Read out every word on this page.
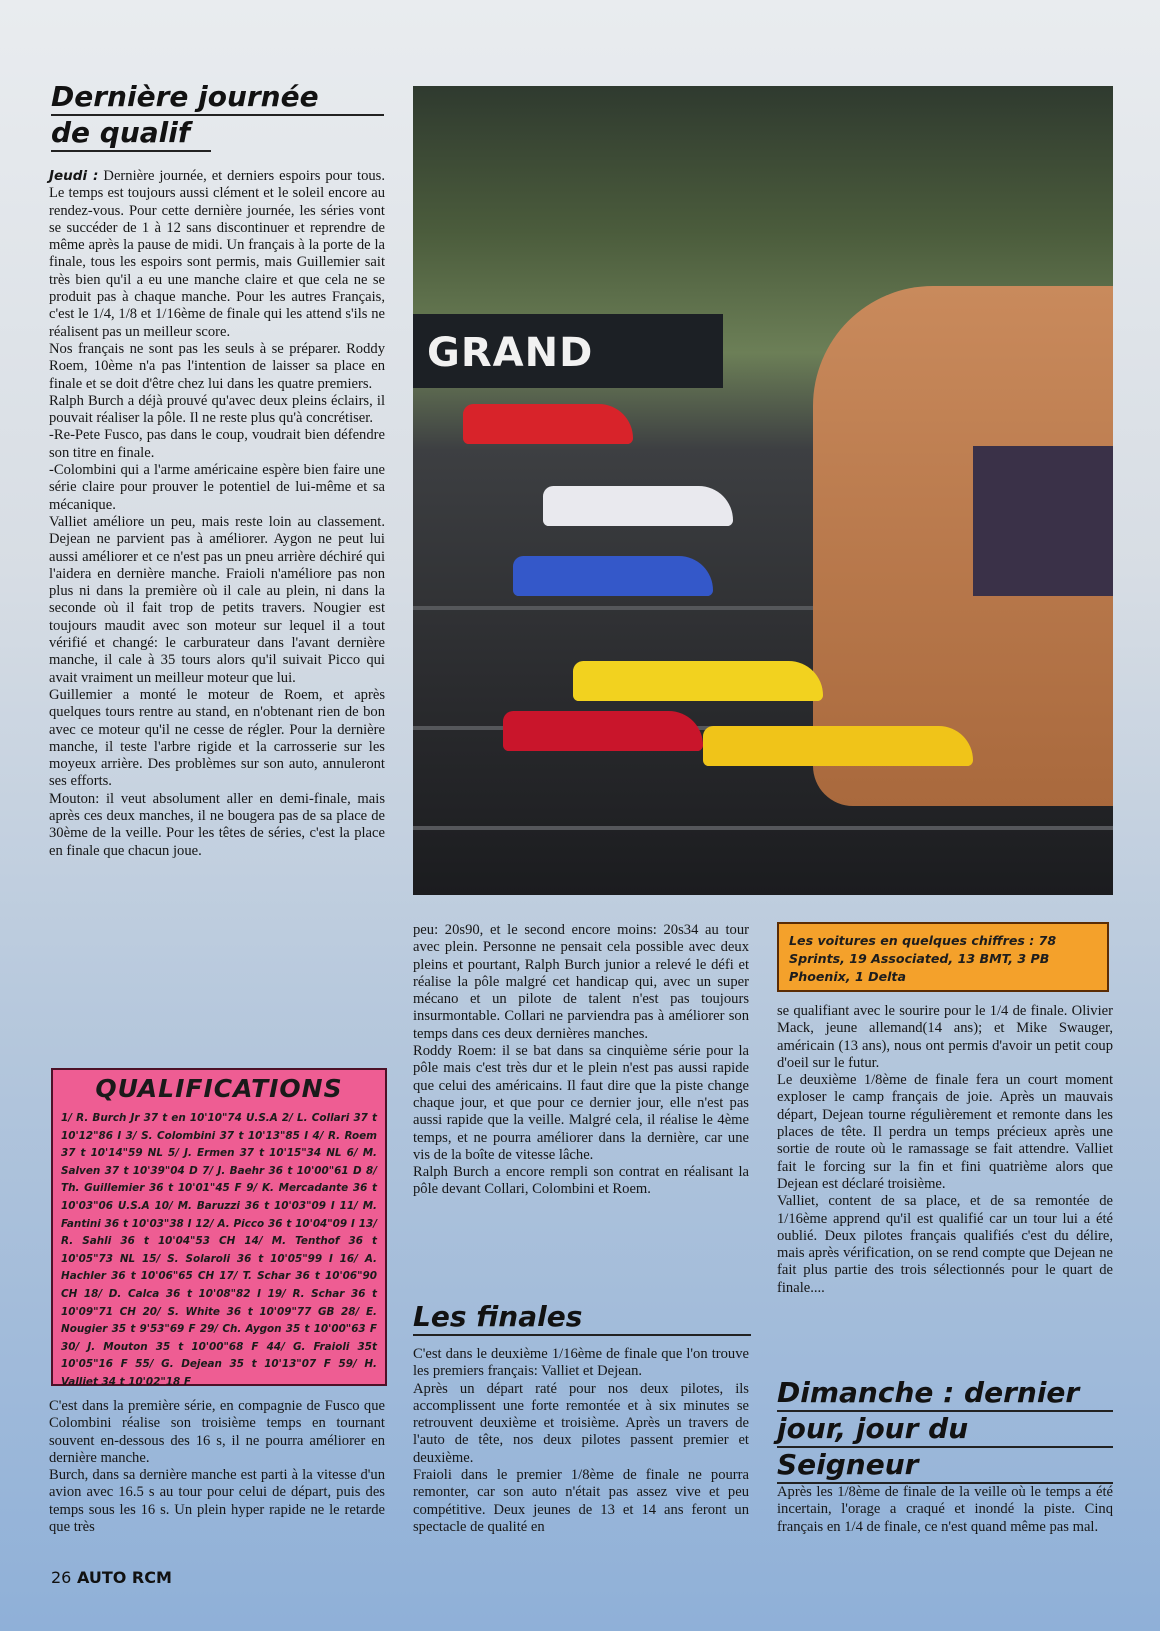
Dernière journée
de qualif

Jeudi : Dernière journée, et derniers espoirs pour tous. Le temps est toujours aussi clément et le soleil encore au rendez-vous. Pour cette dernière journée, les séries vont se succéder de 1 à 12 sans discontinuer et reprendre de même après la pause de midi. Un français à la porte de la finale, tous les espoirs sont permis, mais Guillemier sait très bien qu'il a eu une manche claire et que cela ne se produit pas à chaque manche. Pour les autres Français, c'est le 1/4, 1/8 et 1/16ème de finale qui les attend s'ils ne réalisent pas un meilleur score.

Nos français ne sont pas les seuls à se préparer. Roddy Roem, 10ème n'a pas l'intention de laisser sa place en finale et se doit d'être chez lui dans les quatre premiers.

Ralph Burch a déjà prouvé qu'avec deux pleins éclairs, il pouvait réaliser la pôle. Il ne reste plus qu'à concrétiser.

-Re-Pete Fusco, pas dans le coup, voudrait bien défendre son titre en finale.

-Colombini qui a l'arme américaine espère bien faire une série claire pour prouver le potentiel de lui-même et sa mécanique.

Valliet améliore un peu, mais reste loin au classement. Dejean ne parvient pas à améliorer. Aygon ne peut lui aussi améliorer et ce n'est pas un pneu arrière déchiré qui l'aidera en dernière manche. Fraioli n'améliore pas non plus ni dans la première où il cale au plein, ni dans la seconde où il fait trop de petits travers. Nougier est toujours maudit avec son moteur sur lequel il a tout vérifié et changé: le carburateur dans l'avant dernière manche, il cale à 35 tours alors qu'il suivait Picco qui avait vraiment un meilleur moteur que lui.

Guillemier a monté le moteur de Roem, et après quelques tours rentre au stand, en n'obtenant rien de bon avec ce moteur qu'il ne cesse de régler. Pour la dernière manche, il teste l'arbre rigide et la carrosserie sur les moyeux arrière. Des problèmes sur son auto, annuleront ses efforts.

Mouton: il veut absolument aller en demi-finale, mais après ces deux manches, il ne bougera pas de sa place de 30ème de la veille. Pour les têtes de séries, c'est la place en finale que chacun joue.

GRAND
QUALIFICATIONS
1/ R. Burch Jr 37 t en 10'10"74 U.S.A 2/ L. Collari 37 t 10'12"86 I 3/ S. Colombini 37 t 10'13"85 I 4/ R. Roem 37 t 10'14"59 NL 5/ J. Ermen 37 t 10'15"34 NL 6/ M. Salven 37 t 10'39"04 D 7/ J. Baehr 36 t 10'00"61 D 8/ Th. Guillemier 36 t 10'01"45 F 9/ K. Mercadante 36 t 10'03"06 U.S.A 10/ M. Baruzzi 36 t 10'03"09 I 11/ M. Fantini 36 t 10'03"38 I 12/ A. Picco 36 t 10'04"09 I 13/ R. Sahli 36 t 10'04"53 CH 14/ M. Tenthof 36 t 10'05"73 NL 15/ S. Solaroli 36 t 10'05"99 I 16/ A. Hachler 36 t 10'06"65 CH 17/ T. Schar 36 t 10'06"90 CH 18/ D. Calca 36 t 10'08"82 I 19/ R. Schar 36 t 10'09"71 CH 20/ S. White 36 t 10'09"77 GB 28/ E. Nougier 35 t 9'53"69 F 29/ Ch. Aygon 35 t 10'00"63 F 30/ J. Mouton 35 t 10'00"68 F 44/ G. Fraioli 35t 10'05"16 F 55/ G. Dejean 35 t 10'13"07 F 59/ H. Valliet 34 t 10'02"18 F

C'est dans la première série, en compagnie de Fusco que Colombini réalise son troisième temps en tournant souvent en-dessous des 16 s, il ne pourra améliorer en dernière manche.

Burch, dans sa dernière manche est parti à la vitesse d'un avion avec 16.5 s au tour pour celui de départ, puis des temps sous les 16 s. Un plein hyper rapide ne le retarde que très

peu: 20s90, et le second encore moins: 20s34 au tour avec plein. Personne ne pensait cela possible avec deux pleins et pourtant, Ralph Burch junior a relevé le défi et réalise la pôle malgré cet handicap qui, avec un super mécano et un pilote de talent n'est pas toujours insurmontable. Collari ne parviendra pas à améliorer son temps dans ces deux dernières manches.

Roddy Roem: il se bat dans sa cinquième série pour la pôle mais c'est très dur et le plein n'est pas aussi rapide que celui des américains. Il faut dire que la piste change chaque jour, et que pour ce dernier jour, elle n'est pas aussi rapide que la veille. Malgré cela, il réalise le 4ème temps, et ne pourra améliorer dans la dernière, car une vis de la boîte de vitesse lâche.

Ralph Burch a encore rempli son contrat en réalisant la pôle devant Collari, Colombini et Roem.

Les finales

C'est dans le deuxième 1/16ème de finale que l'on trouve les premiers français: Valliet et Dejean.

Après un départ raté pour nos deux pilotes, ils accomplissent une forte remontée et à six minutes se retrouvent deuxième et troisième. Après un travers de l'auto de tête, nos deux pilotes passent premier et deuxième.

Fraioli dans le premier 1/8ème de finale ne pourra remonter, car son auto n'était pas assez vive et peu compétitive. Deux jeunes de 13 et 14 ans feront un spectacle de qualité en

Les voitures en quelques chiffres : 78 Sprints, 19 Associated, 13 BMT, 3 PB Phoenix, 1 Delta

se qualifiant avec le sourire pour le 1/4 de finale. Olivier Mack, jeune allemand(14 ans); et Mike Swauger, américain (13 ans), nous ont permis d'avoir un petit coup d'oeil sur le futur.

Le deuxième 1/8ème de finale fera un court moment exploser le camp français de joie. Après un mauvais départ, Dejean tourne régulièrement et remonte dans les places de tête. Il perdra un temps précieux après une sortie de route où le ramassage se fait attendre. Valliet fait le forcing sur la fin et fini quatrième alors que Dejean est déclaré troisième.

Valliet, content de sa place, et de sa remontée de 1/16ème apprend qu'il est qualifié car un tour lui a été oublié. Deux pilotes français qualifiés c'est du délire, mais après vérification, on se rend compte que Dejean ne fait plus partie des trois sélectionnés pour le quart de finale....

Dimanche : dernier
jour, jour du
Seigneur

Après les 1/8ème de finale de la veille où le temps a été incertain, l'orage a craqué et inondé la piste. Cinq français en 1/4 de finale, ce n'est quand même pas mal.

26 AUTO RCM
